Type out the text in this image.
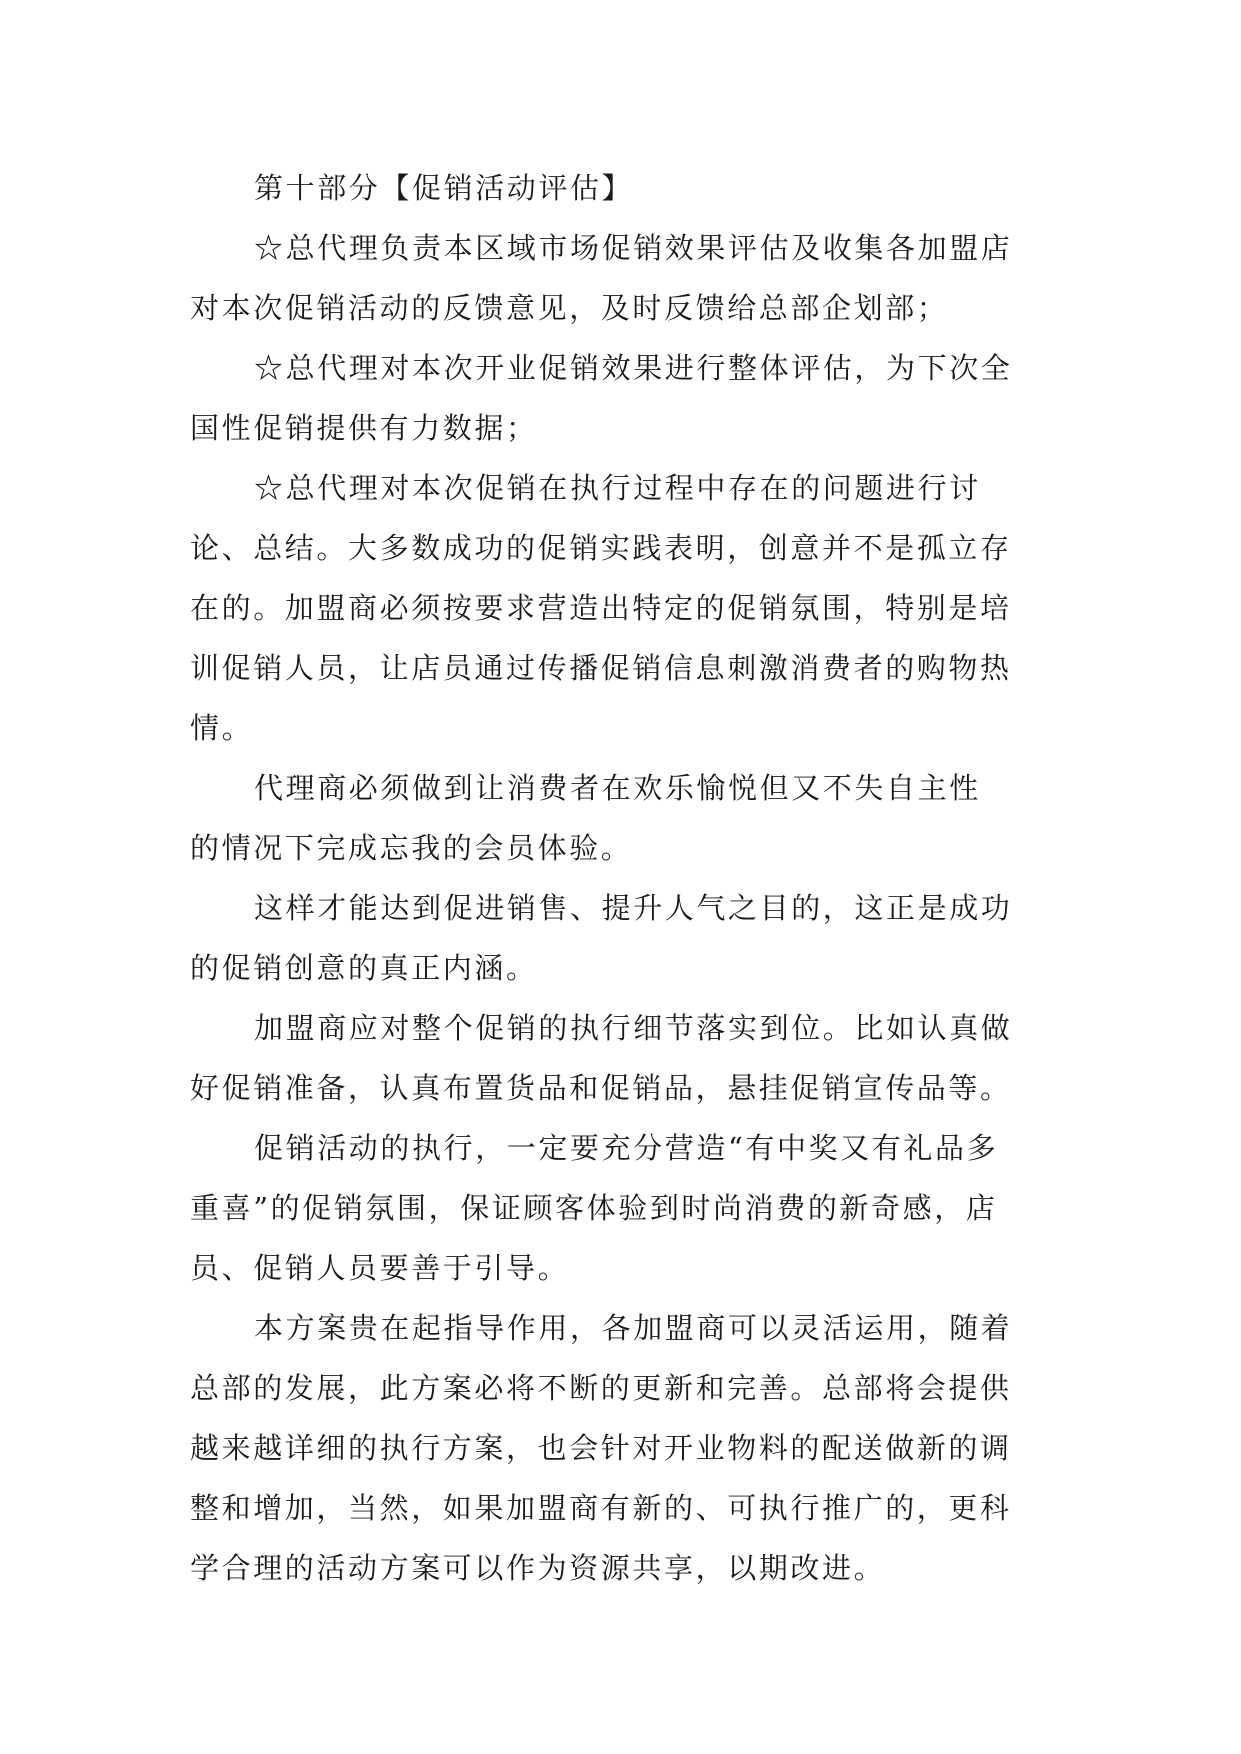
第十部分【促销活动评估】
☆总代理负责本区域市场促销效果评估及收集各加盟店
对本次促销活动的反馈意见，及时反馈给总部企划部；
☆总代理对本次开业促销效果进行整体评估，为下次全
国性促销提供有力数据；
☆总代理对本次促销在执行过程中存在的问题进行讨
论、总结。大多数成功的促销实践表明，创意并不是孤立存
在的。加盟商必须按要求营造出特定的促销氛围，特别是培
训促销人员，让店员通过传播促销信息刺激消费者的购物热
情。
代理商必须做到让消费者在欢乐愉悦但又不失自主性
的情况下完成忘我的会员体验。
这样才能达到促进销售、提升人气之目的，这正是成功
的促销创意的真正内涵。
加盟商应对整个促销的执行细节落实到位。比如认真做
好促销准备，认真布置货品和促销品，悬挂促销宣传品等。
促销活动的执行，一定要充分营造“有中奖又有礼品多
重喜”的促销氛围，保证顾客体验到时尚消费的新奇感，店
员、促销人员要善于引导。
本方案贵在起指导作用，各加盟商可以灵活运用，随着
总部的发展，此方案必将不断的更新和完善。总部将会提供
越来越详细的执行方案，也会针对开业物料的配送做新的调
整和增加，当然，如果加盟商有新的、可执行推广的，更科
学合理的活动方案可以作为资源共享，以期改进。
